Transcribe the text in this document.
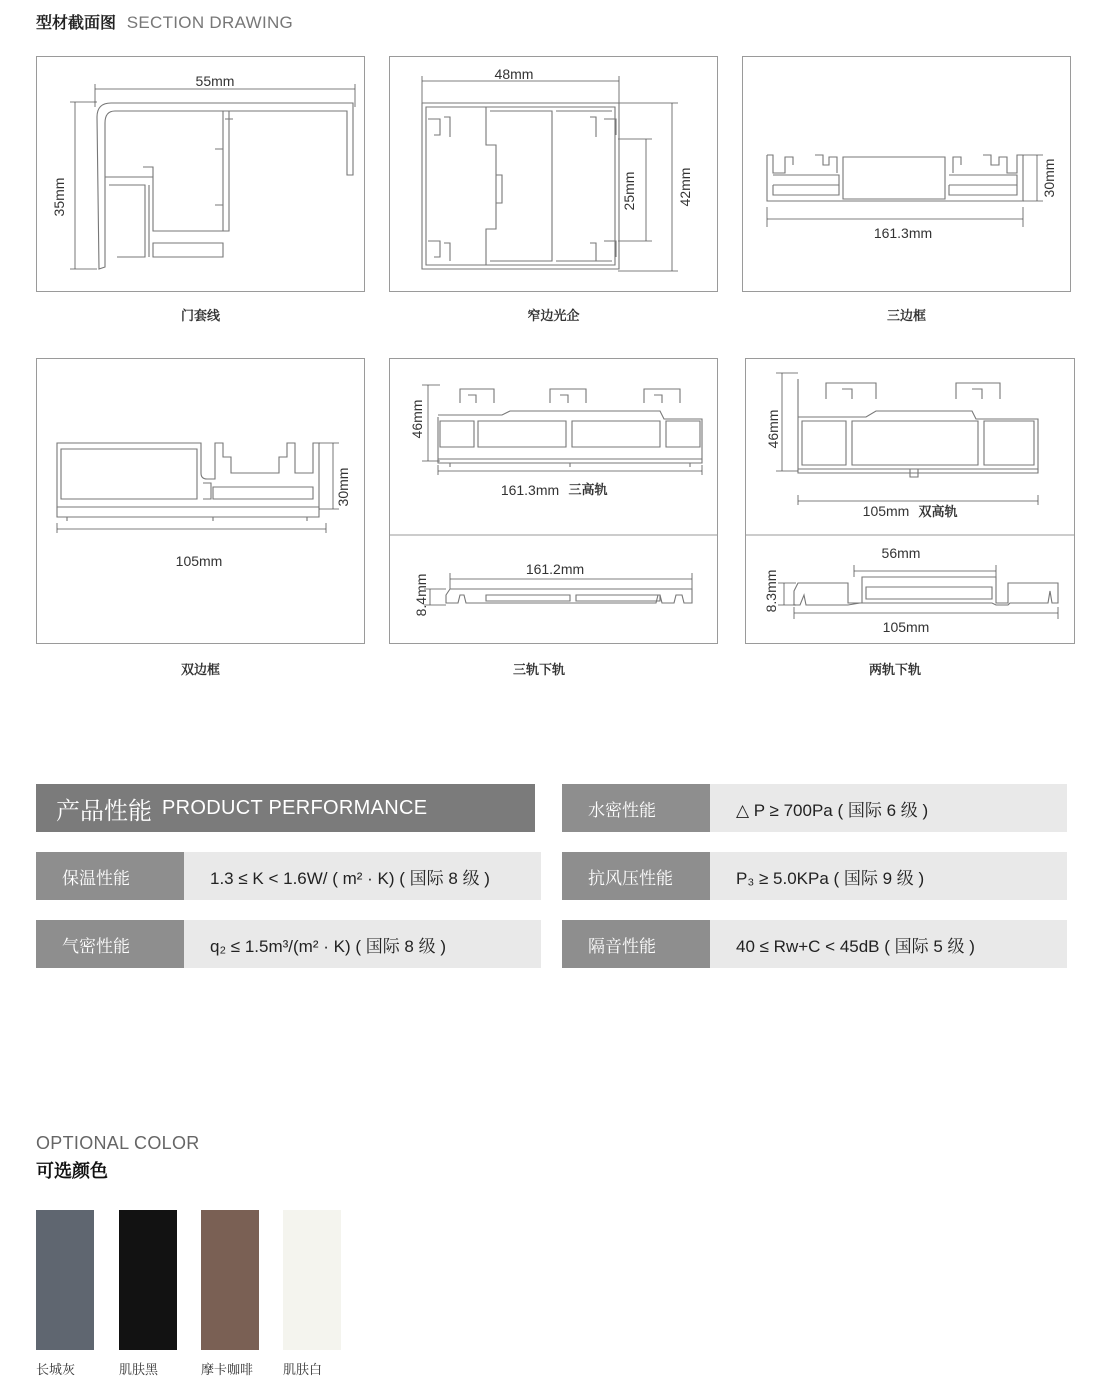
型材截面图 SECTION DRAWING
55mm
35mm
门套线
48mm
25mm	42mm
窄边光企
161.3mm
30mm
三边框
105mm
30mm
双边框
46mm
161.3mm 三高轨
161.2mm
8.4mm
三轨下轨
46mm
105mm 双高轨
56mm
8.3mm
105mm
两轨下轨
产品性能 PRODUCT PERFORMANCE	水密性能	△ P ≥ 700Pa ( 国际 6 级 )
保温性能	1.3 ≤ K < 1.6W/ ( m² · K) ( 国际 8 级 )	抗风压性能	P₃ ≥ 5.0KPa ( 国际 9 级 )
气密性能	q₂ ≤ 1.5m³/(m² · K) ( 国际 8 级 )	隔音性能	40 ≤ Rw+C < 45dB ( 国际 5 级 )
OPTIONAL COLOR
可选颜色
长城灰	肌肤黑	摩卡咖啡 肌肤白
